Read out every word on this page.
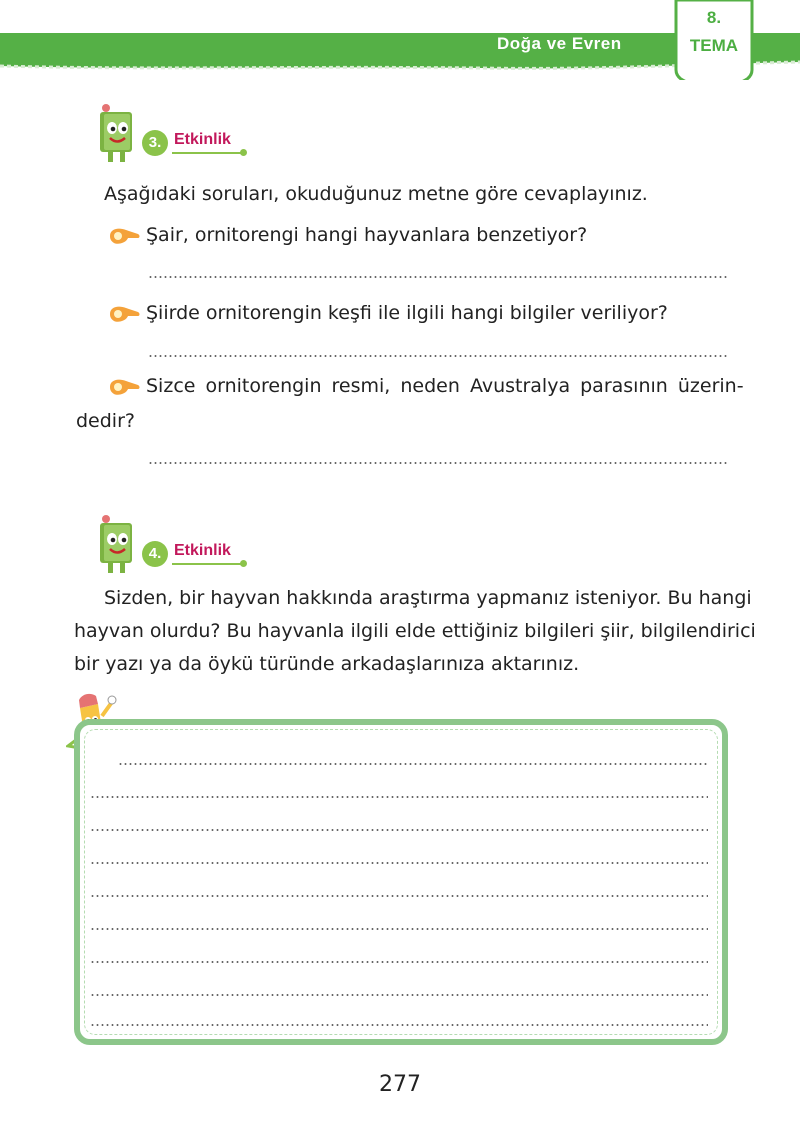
Doğa ve Evren
8.
TEMA
3. Etkinlik
Aşağıdaki soruları, okuduğunuz metne göre cevaplayınız.
Şair, ornitorengi hangi hayvanlara benzetiyor?
Şiirde ornitorengin keşfi ile ilgili hangi bilgiler veriliyor?
Sizce ornitorengin resmi, neden Avustralya parasının üzerin-
dedir?
4. Etkinlik
Sizden, bir hayvan hakkında araştırma yapmanız isteniyor. Bu hangi
hayvan olurdu? Bu hayvanla ilgili elde ettiğiniz bilgileri şiir, bilgilendirici
bir yazı ya da öykü türünde arkadaşlarınıza aktarınız.
277
